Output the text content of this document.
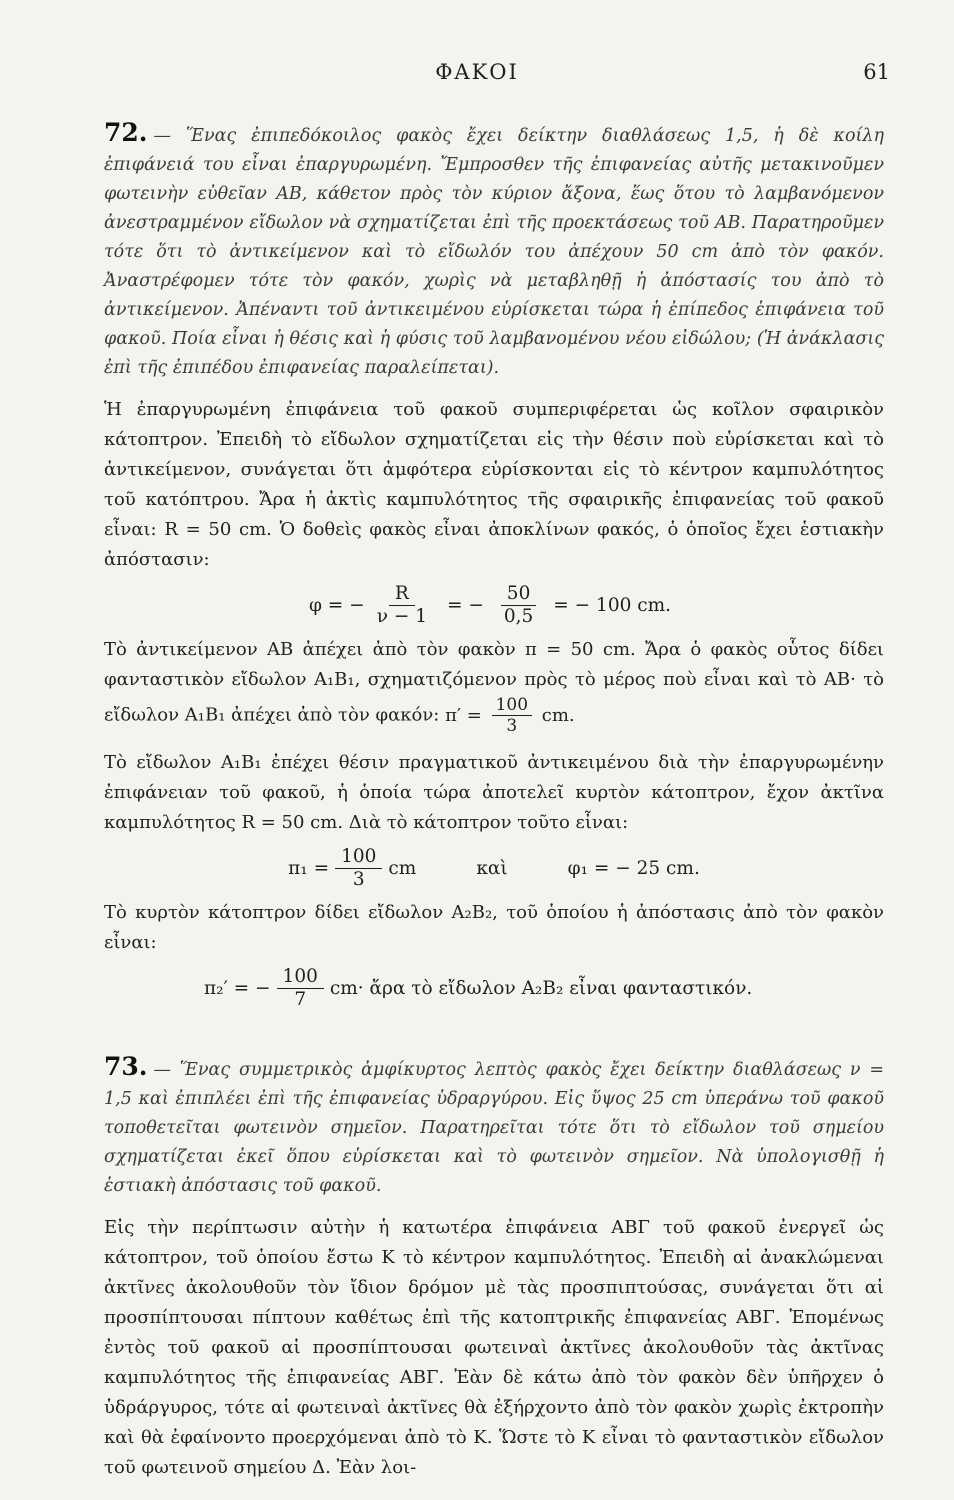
ΦΑΚΟΙ	61

72. — Ἕνας ἐπιπεδόκοιλος φακὸς ἔχει δείκτην διαθλάσεως 1,5, ἡ δὲ κοίλη ἐπιφάνειά του εἶναι ἐπαργυρωμένη. Ἔμπροσθεν τῆς ἐπιφανείας αὐτῆς μετακινοῦμεν φωτεινὴν εὐθεῖαν ΑΒ, κάθετον πρὸς τὸν κύριον ἄξονα, ἕως ὅτου τὸ λαμβανόμενον ἀνεστραμμένον εἴδωλον νὰ σχηματίζεται ἐπὶ τῆς προεκτάσεως τοῦ ΑΒ. Παρατηροῦμεν τότε ὅτι τὸ ἀντικείμενον καὶ τὸ εἴδωλόν του ἀπέχουν 50 cm ἀπὸ τὸν φακόν. Ἀναστρέφομεν τότε τὸν φακόν, χωρὶς νὰ μεταβληθῇ ἡ ἀπόστασίς του ἀπὸ τὸ ἀντικείμενον. Ἀπέναντι τοῦ ἀντικειμένου εὑρίσκεται τώρα ἡ ἐπίπεδος ἐπιφάνεια τοῦ φακοῦ. Ποία εἶναι ἡ θέσις καὶ ἡ φύσις τοῦ λαμβανομένου νέου εἰδώλου; (Ἡ ἀνάκλασις ἐπὶ τῆς ἐπιπέδου ἐπιφανείας παραλείπεται).

Ἡ ἐπαργυρωμένη ἐπιφάνεια τοῦ φακοῦ συμπεριφέρεται ὡς κοῖλον σφαιρικὸν κάτοπτρον. Ἐπειδὴ τὸ εἴδωλον σχηματίζεται εἰς τὴν θέσιν ποὺ εὑρίσκεται καὶ τὸ ἀντικείμενον, συνάγεται ὅτι ἀμφότερα εὑρίσκονται εἰς τὸ κέντρον καμπυλότητος τοῦ κατόπτρου. Ἄρα ἡ ἀκτὶς καμπυλότητος τῆς σφαιρικῆς ἐπιφανείας τοῦ φακοῦ εἶναι: R = 50 cm. Ὁ δοθεὶς φακὸς εἶναι ἀποκλίνων φακός, ὁ ὁποῖος ἔχει ἑστιακὴν ἀπόστασιν:

φ = − $\frac{R}{\nu - 1}$ = − $\frac{50}{0,5}$ = − 100 cm.

Τὸ ἀντικείμενον ΑΒ ἀπέχει ἀπὸ τὸν φακὸν π = 50 cm. Ἄρα ὁ φακὸς οὗτος δίδει φανταστικὸν εἴδωλον Α₁Β₁, σχηματιζόμενον πρὸς τὸ μέρος ποὺ εἶναι καὶ τὸ ΑΒ· τὸ εἴδωλον Α₁Β₁ ἀπέχει ἀπὸ τὸν φακόν: $\pi' = \frac{100}{3}$ cm.

Τὸ εἴδωλον Α₁Β₁ ἐπέχει θέσιν πραγματικοῦ ἀντικειμένου διὰ τὴν ἐπαργυρωμένην ἐπιφάνειαν τοῦ φακοῦ, ἡ ὁποία τώρα ἀποτελεῖ κυρτὸν κάτοπτρον, ἔχον ἀκτῖνα καμπυλότητος R = 50 cm. Διὰ τὸ κάτοπτρον τοῦτο εἶναι:

$\pi_1 = \frac{100}{3}$ cm	καὶ	φ₁ = − 25 cm.

Τὸ κυρτὸν κάτοπτρον δίδει εἴδωλον Α₂Β₂, τοῦ ὁποίου ἡ ἀπόστασις ἀπὸ τὸν φακὸν εἶναι:

π₂′ = − $\frac{100}{7} cm\cdot$ ἄρα τὸ εἴδωλον Α₂Β₂ εἶναι φανταστικόν.

73. — Ἕνας συμμετρικὸς ἀμφίκυρτος λεπτὸς φακὸς ἔχει δείκτην διαθλάσεως ν = 1,5 καὶ ἐπιπλέει ἐπὶ τῆς ἐπιφανείας ὑδραργύρου. Εἰς ὕψος 25 cm ὑπεράνω τοῦ φακοῦ τοποθετεῖται φωτεινὸν σημεῖον. Παρατηρεῖται τότε ὅτι τὸ εἴδωλον τοῦ σημείου σχηματίζεται ἐκεῖ ὅπου εὑρίσκεται καὶ τὸ φωτεινὸν σημεῖον. Νὰ ὑπολογισθῇ ἡ ἑστιακὴ ἀπόστασις τοῦ φακοῦ.

Εἰς τὴν περίπτωσιν αὐτὴν ἡ κατωτέρα ἐπιφάνεια ΑΒΓ τοῦ φακοῦ ἐνεργεῖ ὡς κάτοπτρον, τοῦ ὁποίου ἔστω Κ τὸ κέντρον καμπυλότητος. Ἐπειδὴ αἱ ἀνακλώμεναι ἀκτῖνες ἀκολουθοῦν τὸν ἴδιον δρόμον μὲ τὰς προσπιπτούσας, συνάγεται ὅτι αἱ προσπίπτουσαι πίπτουν καθέτως ἐπὶ τῆς κατοπτρικῆς ἐπιφανείας ΑΒΓ. Ἑπομένως ἐντὸς τοῦ φακοῦ αἱ προσπίπτουσαι φωτειναὶ ἀκτῖνες ἀκολουθοῦν τὰς ἀκτῖνας καμπυλότητος τῆς ἐπιφανείας ΑΒΓ. Ἐὰν δὲ κάτω ἀπὸ τὸν φακὸν δὲν ὑπῆρχεν ὁ ὑδράργυρος, τότε αἱ φωτειναὶ ἀκτῖνες θὰ ἐξήρχοντο ἀπὸ τὸν φακὸν χωρὶς ἐκτροπὴν καὶ θὰ ἐφαίνοντο προερχόμεναι ἀπὸ τὸ Κ. Ὥστε τὸ Κ εἶναι τὸ φανταστικὸν εἴδωλον τοῦ φωτεινοῦ σημείου Δ. Ἐὰν λοι-
